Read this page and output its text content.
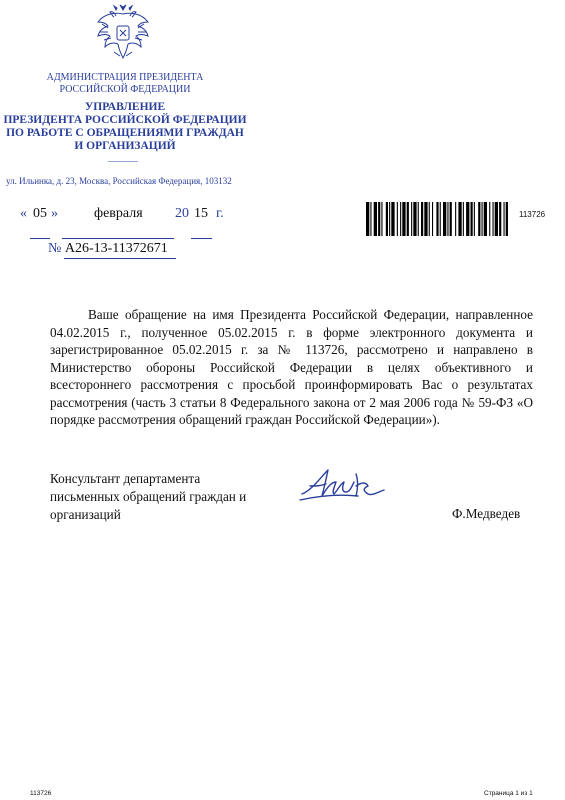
АДМИНИСТРАЦИЯ ПРЕЗИДЕНТА
РОССИЙСКОЙ ФЕДЕРАЦИИ
УПРАВЛЕНИЕ
ПРЕЗИДЕНТА РОССИЙСКОЙ ФЕДЕРАЦИИ
ПО РАБОТЕ С ОБРАЩЕНИЯМИ ГРАЖДАН
И ОРГАНИЗАЦИЙ
ул. Ильинка, д. 23, Москва, Российская Федерация, 103132
« 05 »	февраля 20 15 г.
№ А26-13-11372671
113726
Ваше обращение на имя Президента Российской Федерации, направленное 04.02.2015 г., полученное 05.02.2015 г. в форме электронного документа и зарегистрированное 05.02.2015 г. за № 113726, рассмотрено и направлено в Министерство обороны Российской Федерации в целях объективного и всестороннего рассмотрения с просьбой проинформировать Вас о результатах рассмотрения (часть 3 статьи 8 Федерального закона от 2 мая 2006 года № 59-ФЗ «О порядке рассмотрения обращений граждан Российской Федерации»).
Консультант департамента
письменных обращений граждан и
организаций	Ф.Медведев
113726	Страница 1 из 1
